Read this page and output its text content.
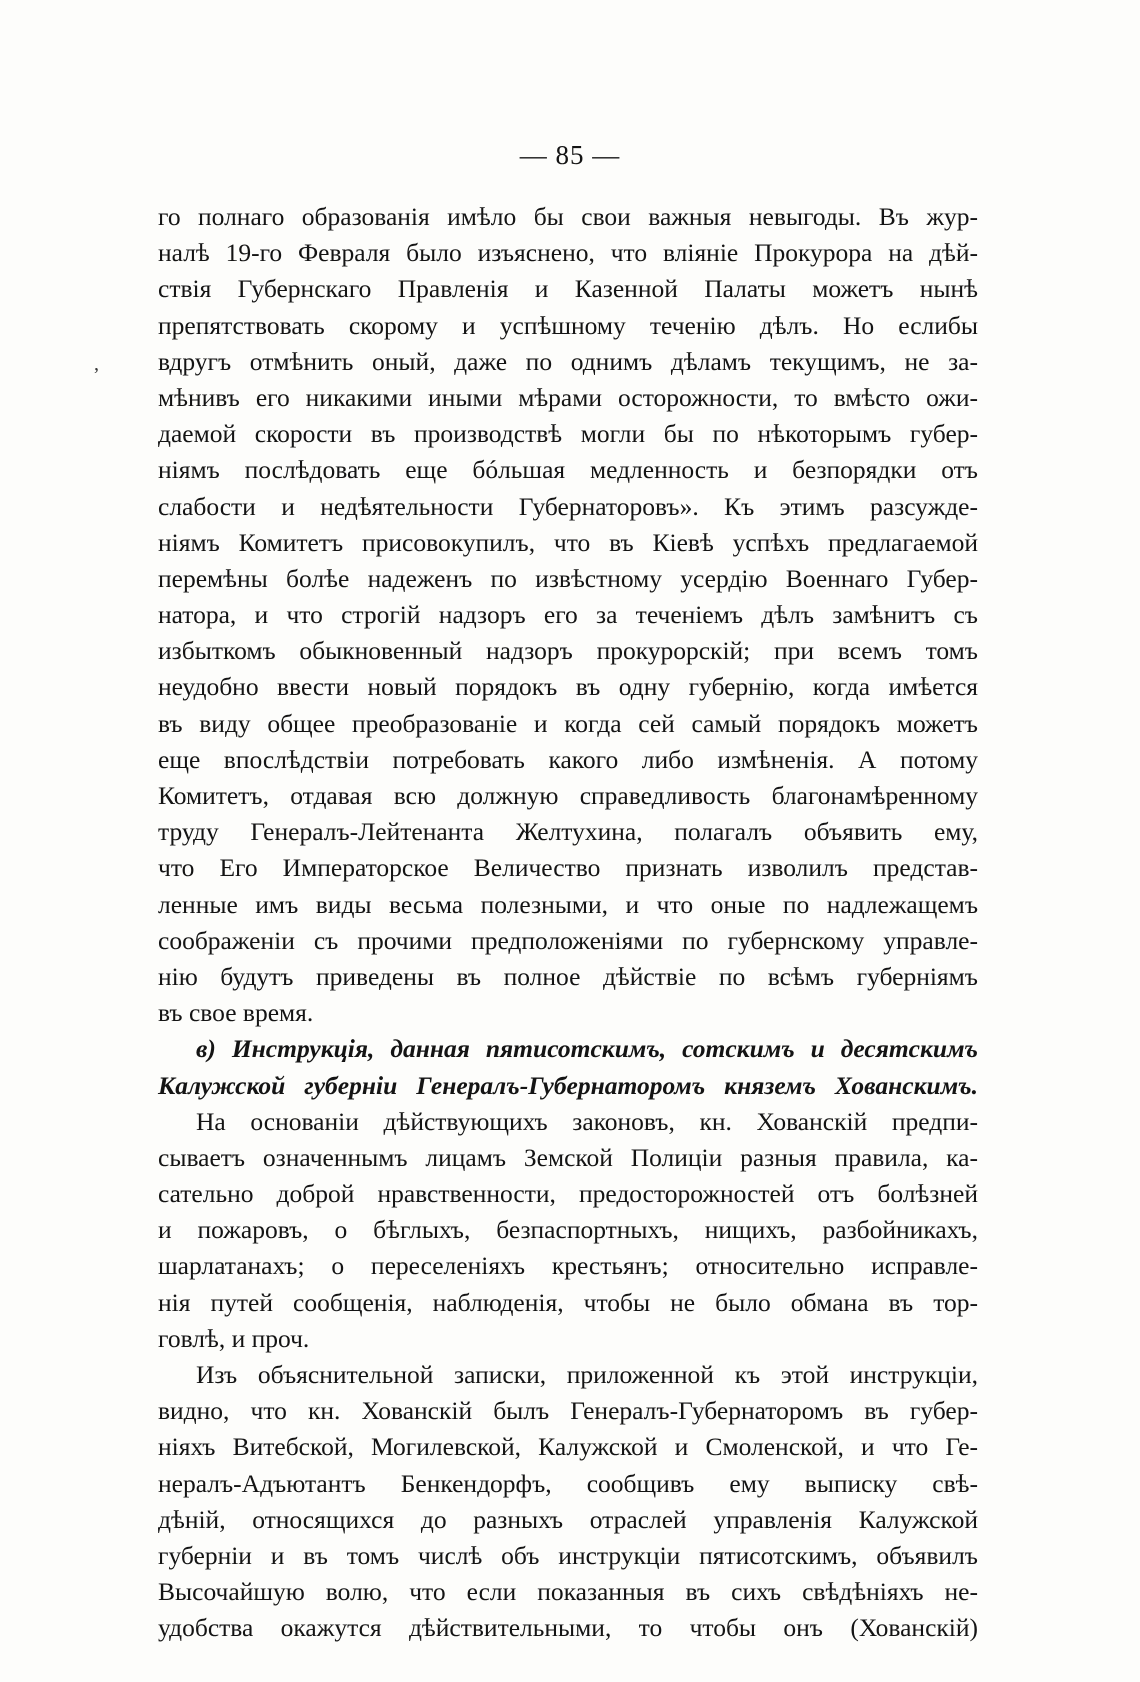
— 85 —
,
го полнаго образованія имѣло бы свои важныя невыгоды. Въ жур-
налѣ 19-го Февраля было изъяснено, что вліяніе Прокурора на дѣй-
ствія Губернскаго Правленія и Казенной Палаты можетъ нынѣ
препятствовать скорому и успѣшному теченію дѣлъ. Но еслибы
вдругъ отмѣнить оный, даже по однимъ дѣламъ текущимъ, не за-
мѣнивъ его никакими иными мѣрами осторожности, то вмѣсто ожи-
даемой скорости въ производствѣ могли бы по нѣкоторымъ губер-
ніямъ послѣдовать еще бóльшая медленность и безпорядки отъ
слабости и недѣятельности Губернаторовъ». Къ этимъ разсужде-
ніямъ Комитетъ присовокупилъ, что въ Кіевѣ успѣхъ предлагаемой
перемѣны болѣе надеженъ по извѣстному усердію Военнаго Губер-
натора, и что строгій надзоръ его за теченіемъ дѣлъ замѣнитъ съ
избыткомъ обыкновенный надзоръ прокурорскій; при всемъ томъ
неудобно ввести новый порядокъ въ одну губернію, когда имѣется
въ виду общее преобразованіе и когда сей самый порядокъ можетъ
еще впослѣдствіи потребовать какого либо измѣненія. А потому
Комитетъ, отдавая всю должную справедливость благонамѣренному
труду Генералъ-Лейтенанта Желтухина, полагалъ объявить ему,
что Его Императорское Величество признать изволилъ представ-
ленные имъ виды весьма полезными, и что оные по надлежащемъ
соображеніи съ прочими предположеніями по губернскому управле-
нію будутъ приведены въ полное дѣйствіе по всѣмъ губерніямъ
въ свое время.
в) Инструкція, данная пятисотскимъ, сотскимъ и десятскимъ
Калужской губерніи Генералъ-Губернаторомъ княземъ Хованскимъ.
На основаніи дѣйствующихъ законовъ, кн. Хованскій предпи-
сываетъ означеннымъ лицамъ Земской Полиціи разныя правила, ка-
сательно доброй нравственности, предосторожностей отъ болѣзней
и пожаровъ, о бѣглыхъ, безпаспортныхъ, нищихъ, разбойникахъ,
шарлатанахъ; о переселеніяхъ крестьянъ; относительно исправле-
нія путей сообщенія, наблюденія, чтобы не было обмана въ тор-
говлѣ, и проч.
Изъ объяснительной записки, приложенной къ этой инструкціи,
видно, что кн. Хованскій былъ Генералъ-Губернаторомъ въ губер-
ніяхъ Витебской, Могилевской, Калужской и Смоленской, и что Ге-
нералъ-Адъютантъ Бенкендорфъ, сообщивъ ему выписку свѣ-
дѣній, относящихся до разныхъ отраслей управленія Калужской
губерніи и въ томъ числѣ объ инструкціи пятисотскимъ, объявилъ
Высочайшую волю, что если показанныя въ сихъ свѣдѣніяхъ не-
удобства окажутся дѣйствительными, то чтобы онъ (Хованскій)
